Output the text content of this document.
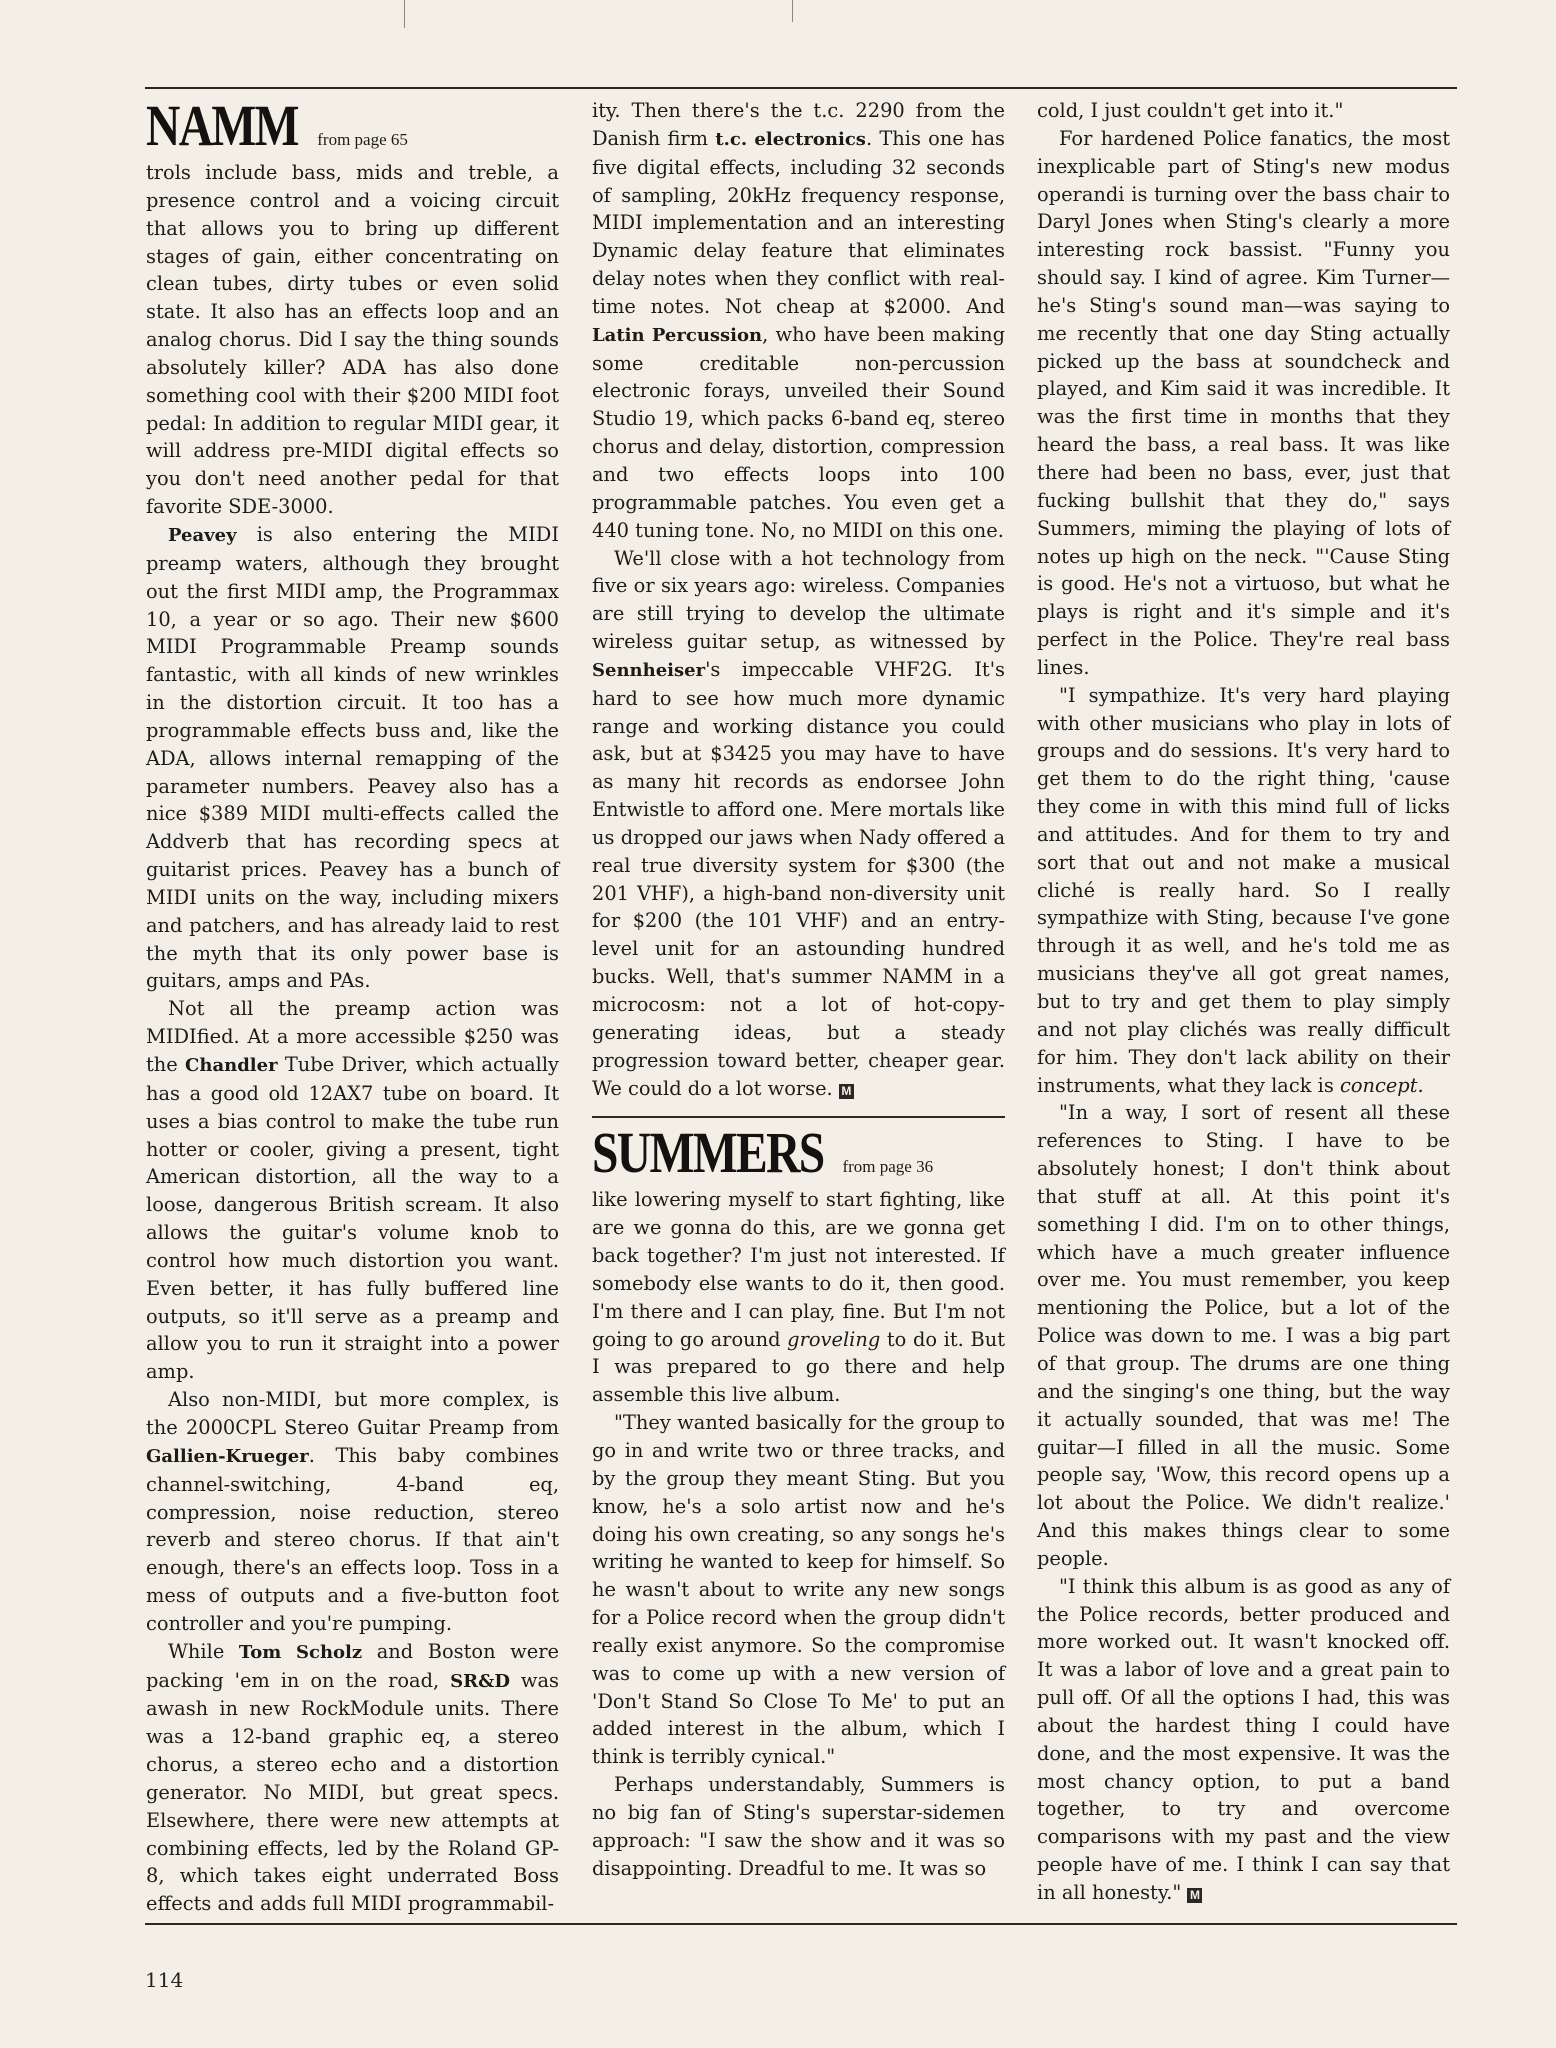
NAMM from page 65

trols include bass, mids and treble, a presence control and a voicing circuit that allows you to bring up different stages of gain, either concentrating on clean tubes, dirty tubes or even solid state. It also has an effects loop and an analog chorus. Did I say the thing sounds absolutely killer? ADA has also done something cool with their $200 MIDI foot pedal: In addition to regular MIDI gear, it will address pre-MIDI digital effects so you don't need another pedal for that favorite SDE-3000.

Peavey is also entering the MIDI preamp waters, although they brought out the first MIDI amp, the Programmax 10, a year or so ago. Their new $600 MIDI Programmable Preamp sounds fantastic, with all kinds of new wrinkles in the distortion circuit. It too has a programmable effects buss and, like the ADA, allows internal remapping of the parameter numbers. Peavey also has a nice $389 MIDI multi-effects called the Addverb that has recording specs at guitarist prices. Peavey has a bunch of MIDI units on the way, including mixers and patchers, and has already laid to rest the myth that its only power base is guitars, amps and PAs.

Not all the preamp action was MIDIfied. At a more accessible $250 was the Chandler Tube Driver, which actually has a good old 12AX7 tube on board. It uses a bias control to make the tube run hotter or cooler, giving a present, tight American distortion, all the way to a loose, dangerous British scream. It also allows the guitar's volume knob to control how much distortion you want. Even better, it has fully buffered line outputs, so it'll serve as a preamp and allow you to run it straight into a power amp.

Also non-MIDI, but more complex, is the 2000CPL Stereo Guitar Preamp from Gallien-Krueger. This baby combines channel-switching, 4-band eq, compression, noise reduction, stereo reverb and stereo chorus. If that ain't enough, there's an effects loop. Toss in a mess of outputs and a five-button foot controller and you're pumping.

While Tom Scholz and Boston were packing 'em in on the road, SR&D was awash in new RockModule units. There was a 12-band graphic eq, a stereo chorus, a stereo echo and a distortion generator. No MIDI, but great specs. Elsewhere, there were new attempts at combining effects, led by the Roland GP-8, which takes eight underrated Boss effects and adds full MIDI programmabil-

ity. Then there's the t.c. 2290 from the Danish firm t.c. electronics. This one has five digital effects, including 32 seconds of sampling, 20kHz frequency response, MIDI implementation and an interesting Dynamic delay feature that eliminates delay notes when they conflict with real-time notes. Not cheap at $2000. And Latin Percussion, who have been making some creditable non-percussion electronic forays, unveiled their Sound Studio 19, which packs 6-band eq, stereo chorus and delay, distortion, compression and two effects loops into 100 programmable patches. You even get a 440 tuning tone. No, no MIDI on this one.

We'll close with a hot technology from five or six years ago: wireless. Companies are still trying to develop the ultimate wireless guitar setup, as witnessed by Sennheiser's impeccable VHF2G. It's hard to see how much more dynamic range and working distance you could ask, but at $3425 you may have to have as many hit records as endorsee John Entwistle to afford one. Mere mortals like us dropped our jaws when Nady offered a real true diversity system for $300 (the 201 VHF), a high-band non-diversity unit for $200 (the 101 VHF) and an entry-level unit for an astounding hundred bucks. Well, that's summer NAMM in a microcosm: not a lot of hot-copy-generating ideas, but a steady progression toward better, cheaper gear. We could do a lot worse. M

SUMMERS from page 36

like lowering myself to start fighting, like are we gonna do this, are we gonna get back together? I'm just not interested. If somebody else wants to do it, then good. I'm there and I can play, fine. But I'm not going to go around groveling to do it. But I was prepared to go there and help assemble this live album.

"They wanted basically for the group to go in and write two or three tracks, and by the group they meant Sting. But you know, he's a solo artist now and he's doing his own creating, so any songs he's writing he wanted to keep for himself. So he wasn't about to write any new songs for a Police record when the group didn't really exist anymore. So the compromise was to come up with a new version of 'Don't Stand So Close To Me' to put an added interest in the album, which I think is terribly cynical."

Perhaps understandably, Summers is no big fan of Sting's superstar-sidemen approach: "I saw the show and it was so disappointing. Dreadful to me. It was so

cold, I just couldn't get into it."

For hardened Police fanatics, the most inexplicable part of Sting's new modus operandi is turning over the bass chair to Daryl Jones when Sting's clearly a more interesting rock bassist. "Funny you should say. I kind of agree. Kim Turner—he's Sting's sound man—was saying to me recently that one day Sting actually picked up the bass at soundcheck and played, and Kim said it was incredible. It was the first time in months that they heard the bass, a real bass. It was like there had been no bass, ever, just that fucking bullshit that they do," says Summers, miming the playing of lots of notes up high on the neck. "'Cause Sting is good. He's not a virtuoso, but what he plays is right and it's simple and it's perfect in the Police. They're real bass lines.

"I sympathize. It's very hard playing with other musicians who play in lots of groups and do sessions. It's very hard to get them to do the right thing, 'cause they come in with this mind full of licks and attitudes. And for them to try and sort that out and not make a musical cliché is really hard. So I really sympathize with Sting, because I've gone through it as well, and he's told me as musicians they've all got great names, but to try and get them to play simply and not play clichés was really difficult for him. They don't lack ability on their instruments, what they lack is concept.

"In a way, I sort of resent all these references to Sting. I have to be absolutely honest; I don't think about that stuff at all. At this point it's something I did. I'm on to other things, which have a much greater influence over me. You must remember, you keep mentioning the Police, but a lot of the Police was down to me. I was a big part of that group. The drums are one thing and the singing's one thing, but the way it actually sounded, that was me! The guitar—I filled in all the music. Some people say, 'Wow, this record opens up a lot about the Police. We didn't realize.' And this makes things clear to some people.

"I think this album is as good as any of the Police records, better produced and more worked out. It wasn't knocked off. It was a labor of love and a great pain to pull off. Of all the options I had, this was about the hardest thing I could have done, and the most expensive. It was the most chancy option, to put a band together, to try and overcome comparisons with my past and the view people have of me. I think I can say that in all honesty." M

114
